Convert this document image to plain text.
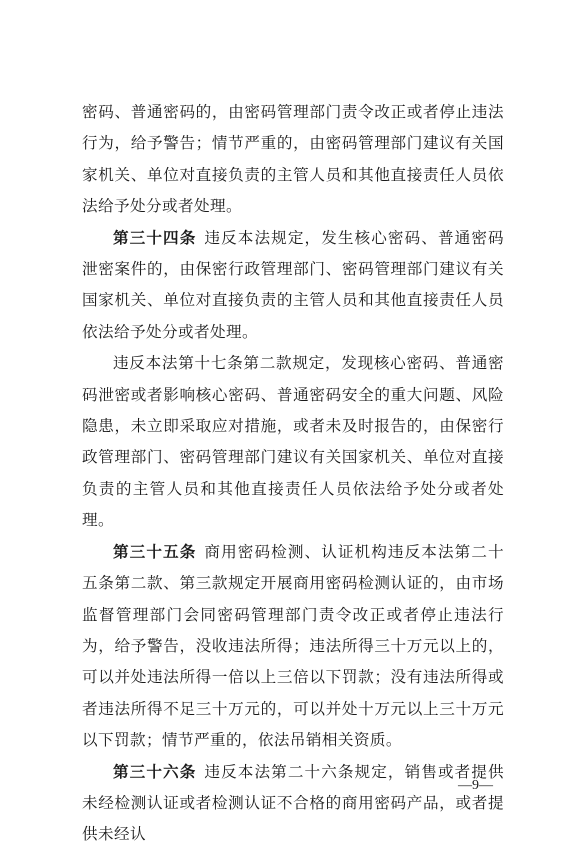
密码、普通密码的，由密码管理部门责令改正或者停止违法行为，给予警告；情节严重的，由密码管理部门建议有关国家机关、单位对直接负责的主管人员和其他直接责任人员依法给予处分或者处理。

第三十四条 违反本法规定，发生核心密码、普通密码泄密案件的，由保密行政管理部门、密码管理部门建议有关国家机关、单位对直接负责的主管人员和其他直接责任人员依法给予处分或者处理。

违反本法第十七条第二款规定，发现核心密码、普通密码泄密或者影响核心密码、普通密码安全的重大问题、风险隐患，未立即采取应对措施，或者未及时报告的，由保密行政管理部门、密码管理部门建议有关国家机关、单位对直接负责的主管人员和其他直接责任人员依法给予处分或者处理。

第三十五条 商用密码检测、认证机构违反本法第二十五条第二款、第三款规定开展商用密码检测认证的，由市场监督管理部门会同密码管理部门责令改正或者停止违法行为，给予警告，没收违法所得；违法所得三十万元以上的，可以并处违法所得一倍以上三倍以下罚款；没有违法所得或者违法所得不足三十万元的，可以并处十万元以上三十万元以下罚款；情节严重的，依法吊销相关资质。

第三十六条 违反本法第二十六条规定，销售或者提供未经检测认证或者检测认证不合格的商用密码产品，或者提供未经认

—9—
